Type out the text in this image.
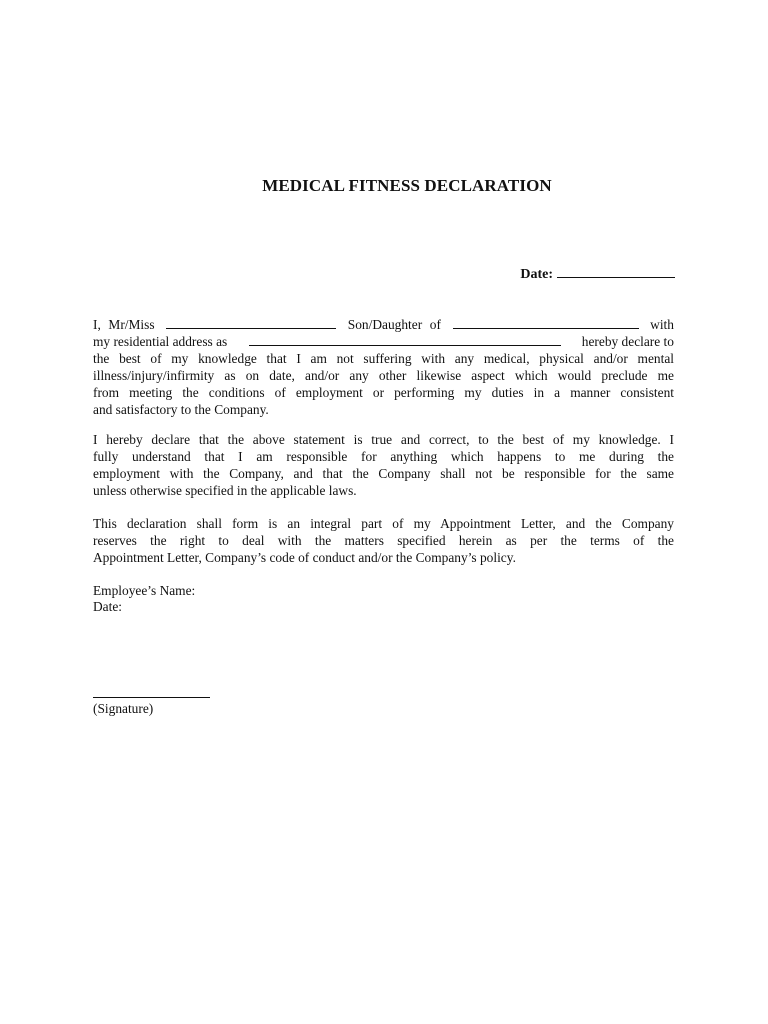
MEDICAL FITNESS DECLARATION
Date:
I, Mr/Miss	Son/Daughter of	with
my residential address as	hereby declare to
the best of my knowledge that I am not suffering with any medical, physical and/or mental
illness/injury/infirmity as on date, and/or any other likewise aspect which would preclude me
from meeting the conditions of employment or performing my duties in a manner consistent
and satisfactory to the Company.
I hereby declare that the above statement is true and correct, to the best of my knowledge. I
fully understand that I am responsible for anything which happens to me during the
employment with the Company, and that the Company shall not be responsible for the same
unless otherwise specified in the applicable laws.
This declaration shall form is an integral part of my Appointment Letter, and the Company
reserves the right to deal with the matters specified herein as per the terms of the
Appointment Letter, Company’s code of conduct and/or the Company’s policy.
Employee’s Name:
Date:
(Signature)
